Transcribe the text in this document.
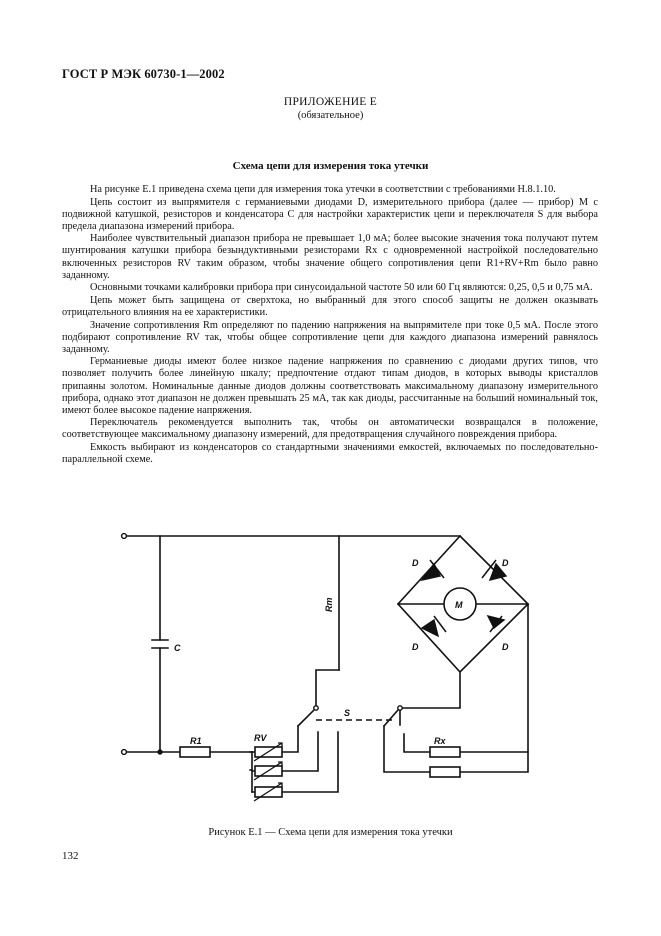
ГОСТ Р МЭК 60730-1—2002
ПРИЛОЖЕНИЕ Е
(обязательное)
Схема цепи для измерения тока утечки

На рисунке Е.1 приведена схема цепи для измерения тока утечки в соответствии с требованиями Н.8.1.10.

Цепь состоит из выпрямителя с германиевыми диодами D, измерительного прибора (далее — прибор) М с подвижной катушкой, резисторов и конденсатора С для настройки характеристик цепи и переключателя S для выбора предела диапазона измерений прибора.

Наиболее чувствительный диапазон прибора не превышает 1,0 мА; более высокие значения тока получают путем шунтирования катушки прибора безындуктивными резисторами Rx с одновременной настройкой последовательно включенных резисторов RV таким образом, чтобы значение общего сопротивления цепи R1+RV+Rm было равно заданному.

Основными точками калибровки прибора при синусоидальной частоте 50 или 60 Гц являются: 0,25, 0,5 и 0,75 мА.

Цепь может быть защищена от сверхтока, но выбранный для этого способ защиты не должен оказывать отрицательного влияния на ее характеристики.

Значение сопротивления Rm определяют по падению напряжения на выпрямителе при токе 0,5 мА. После этого подбирают сопротивление RV так, чтобы общее сопротивление цепи для каждого диапазона измерений равнялось заданному.

Германиевые диоды имеют более низкое падение напряжения по сравнению с диодами других типов, что позволяет получить более линейную шкалу; предпочтение отдают типам диодов, в которых выводы кристаллов припаяны золотом. Номинальные данные диодов должны соответствовать максимальному диапазону измерительного прибора, однако этот диапазон не должен превышать 25 мА, так как диоды, рассчитанные на больший номинальный ток, имеют более высокое падение напряжения.

Переключатель рекомендуется выполнить так, чтобы он автоматически возвращался в положение, соответствующее максимальному диапазону измерений, для предотвращения случайного повреждения прибора.

Емкость выбирают из конденсаторов со стандартными значениями емкостей, включаемых по последовательно-параллельной схеме.

C
D	D
D	D
M
Rm
S
R1	RV	Rx
Рисунок Е.1 — Схема цепи для измерения тока утечки
132
